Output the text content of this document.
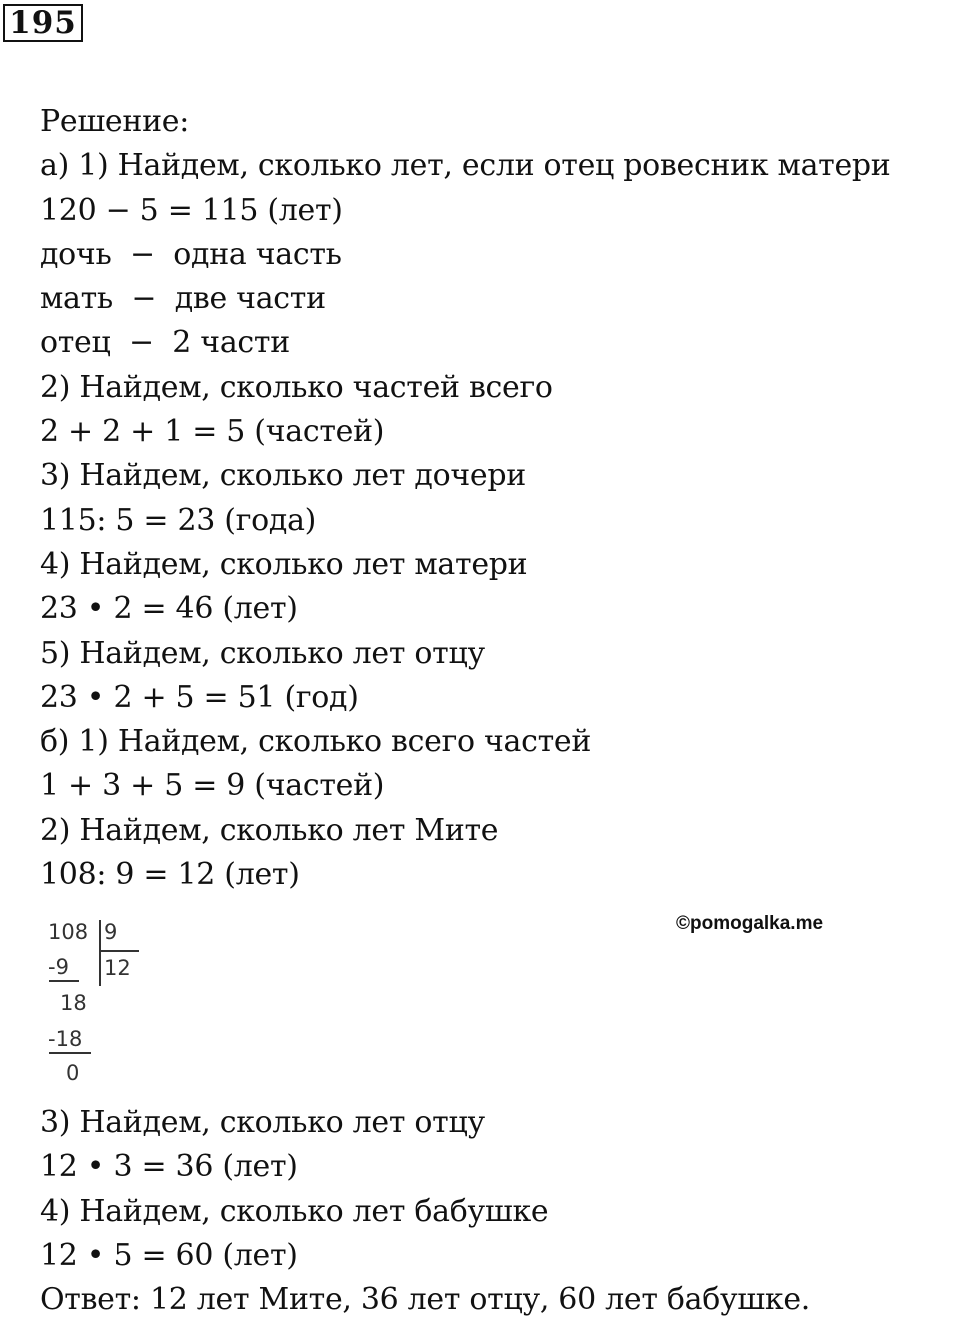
195
Решение:
а) 1) Найдем, сколько лет, если отец ровесник матери
120 − 5 = 115 (лет)
дочь  −  одна часть
мать  −  две части
отец  −  2 части
2) Найдем, сколько частей всего
2 + 2 + 1 = 5 (частей)
3) Найдем, сколько лет дочери
115: 5 = 23 (года)
4) Найдем, сколько лет матери
23 • 2 = 46 (лет)
5) Найдем, сколько лет отцу
23 • 2 + 5 = 51 (год)
б) 1) Найдем, сколько всего частей
1 + 3 + 5 = 9 (частей)
2) Найдем, сколько лет Мите
108: 9 = 12 (лет)
108 9
12
-9
18
-18
0
©pomogalka.me
3) Найдем, сколько лет отцу
12 • 3 = 36 (лет)
4) Найдем, сколько лет бабушке
12 • 5 = 60 (лет)
Ответ: 12 лет Мите, 36 лет отцу, 60 лет бабушке.
